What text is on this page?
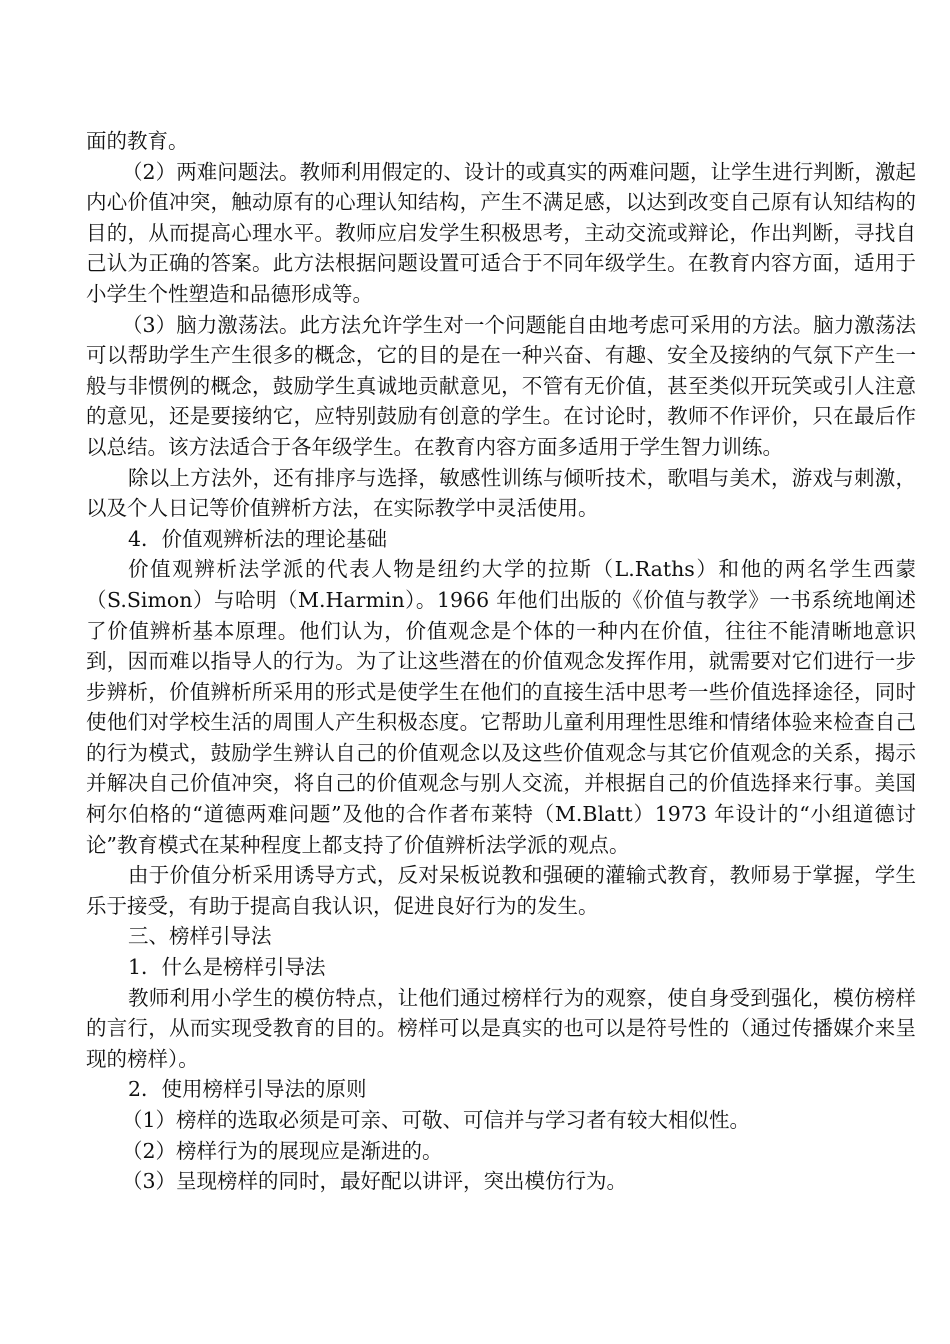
面的教育。

（2）两难问题法。教师利用假定的、设计的或真实的两难问题，让学生进行判断，激起内心价值冲突，触动原有的心理认知结构，产生不满足感，以达到改变自己原有认知结构的目的，从而提高心理水平。教师应启发学生积极思考，主动交流或辩论，作出判断，寻找自己认为正确的答案。此方法根据问题设置可适合于不同年级学生。在教育内容方面，适用于小学生个性塑造和品德形成等。

（3）脑力激荡法。此方法允许学生对一个问题能自由地考虑可采用的方法。脑力激荡法可以帮助学生产生很多的概念，它的目的是在一种兴奋、有趣、安全及接纳的气氛下产生一般与非惯例的概念，鼓励学生真诚地贡献意见，不管有无价值，甚至类似开玩笑或引人注意的意见，还是要接纳它，应特别鼓励有创意的学生。在讨论时，教师不作评价，只在最后作以总结。该方法适合于各年级学生。在教育内容方面多适用于学生智力训练。

除以上方法外，还有排序与选择，敏感性训练与倾听技术，歌唱与美术，游戏与刺激，以及个人日记等价值辨析方法，在实际教学中灵活使用。

4．价值观辨析法的理论基础

价值观辨析法学派的代表人物是纽约大学的拉斯（L.Raths）和他的两名学生西蒙（S.Simon）与哈明（M.Harmin）。1966 年他们出版的《价值与教学》一书系统地阐述了价值辨析基本原理。他们认为，价值观念是个体的一种内在价值，往往不能清晰地意识到，因而难以指导人的行为。为了让这些潜在的价值观念发挥作用，就需要对它们进行一步步辨析，价值辨析所采用的形式是使学生在他们的直接生活中思考一些价值选择途径，同时使他们对学校生活的周围人产生积极态度。它帮助儿童利用理性思维和情绪体验来检查自己的行为模式，鼓励学生辨认自己的价值观念以及这些价值观念与其它价值观念的关系，揭示并解决自己价值冲突，将自己的价值观念与别人交流，并根据自己的价值选择来行事。美国柯尔伯格的“道德两难问题”及他的合作者布莱特（M.Blatt）1973 年设计的“小组道德讨论”教育模式在某种程度上都支持了价值辨析法学派的观点。

由于价值分析采用诱导方式，反对呆板说教和强硬的灌输式教育，教师易于掌握，学生乐于接受，有助于提高自我认识，促进良好行为的发生。

三、榜样引导法

1．什么是榜样引导法

教师利用小学生的模仿特点，让他们通过榜样行为的观察，使自身受到强化，模仿榜样的言行，从而实现受教育的目的。榜样可以是真实的也可以是符号性的（通过传播媒介来呈现的榜样）。

2．使用榜样引导法的原则

（1）榜样的选取必须是可亲、可敬、可信并与学习者有较大相似性。

（2）榜样行为的展现应是渐进的。

（3）呈现榜样的同时，最好配以讲评，突出模仿行为。
